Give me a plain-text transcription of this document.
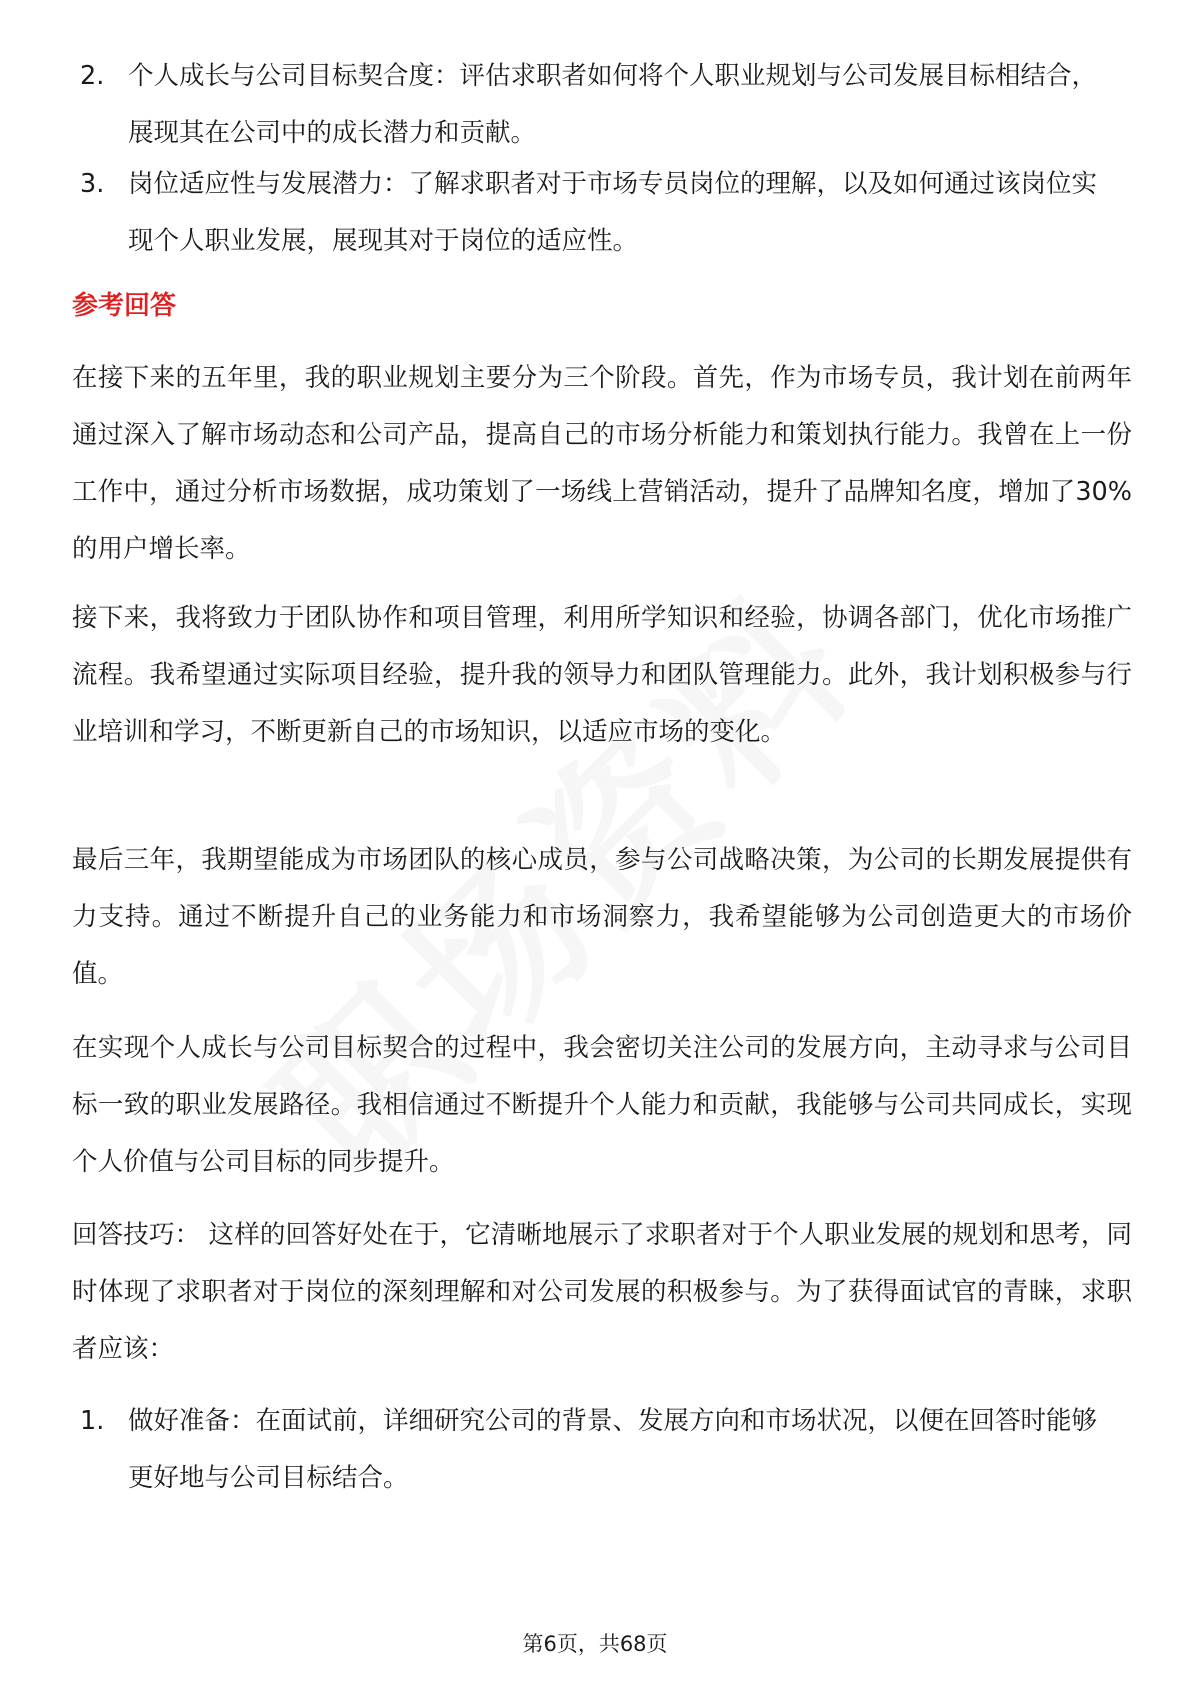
2. 个人成长与公司目标契合度：评估求职者如何将个人职业规划与公司发展目标相结合，展现其在公司中的成长潜力和贡献。
3. 岗位适应性与发展潜力：了解求职者对于市场专员岗位的理解，以及如何通过该岗位实现个人职业发展，展现其对于岗位的适应性。
参考回答
在接下来的五年里，我的职业规划主要分为三个阶段。首先，作为市场专员，我计划在前两年通过深入了解市场动态和公司产品，提高自己的市场分析能力和策划执行能力。我曾在上一份工作中，通过分析市场数据，成功策划了一场线上营销活动，提升了品牌知名度，增加了30%的用户增长率。
接下来，我将致力于团队协作和项目管理，利用所学知识和经验，协调各部门，优化市场推广流程。我希望通过实际项目经验，提升我的领导力和团队管理能力。此外，我计划积极参与行业培训和学习，不断更新自己的市场知识，以适应市场的变化。
最后三年，我期望能成为市场团队的核心成员，参与公司战略决策，为公司的长期发展提供有力支持。通过不断提升自己的业务能力和市场洞察力，我希望能够为公司创造更大的市场价值。
在实现个人成长与公司目标契合的过程中，我会密切关注公司的发展方向，主动寻求与公司目标一致的职业发展路径。我相信通过不断提升个人能力和贡献，我能够与公司共同成长，实现个人价值与公司目标的同步提升。
回答技巧： 这样的回答好处在于，它清晰地展示了求职者对于个人职业发展的规划和思考，同时体现了求职者对于岗位的深刻理解和对公司发展的积极参与。为了获得面试官的青睐，求职者应该：
1. 做好准备：在面试前，详细研究公司的背景、发展方向和市场状况，以便在回答时能够更好地与公司目标结合。
第6页，共68页
